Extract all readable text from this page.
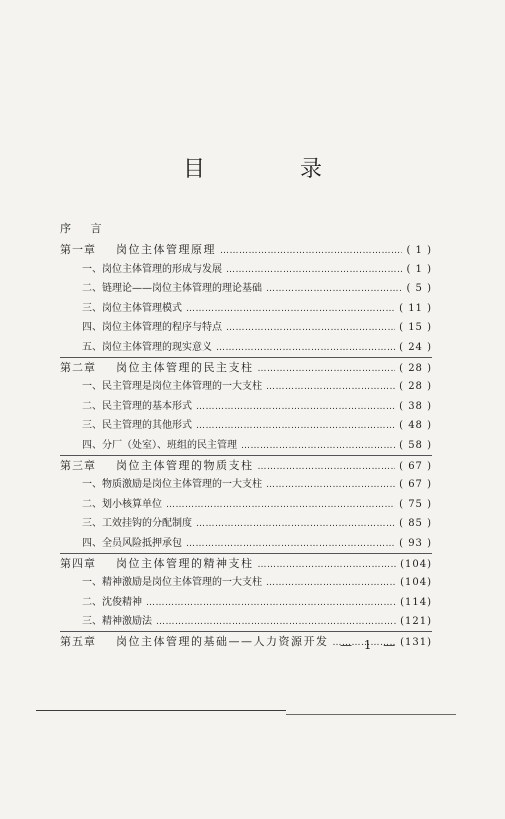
目 录
序 言
第一章	岗位主体管理原理 ……………………………………………………………………………………………………………………………………………	( 1 )
一、岗位主体管理的形成与发展 ……………………………………………………………………………………………………………………………………………	( 1 )
二、链理论——岗位主体管理的理论基础 ……………………………………………………………………………………………………………………………………………	( 5 )
三、岗位主体管理模式 ……………………………………………………………………………………………………………………………………………	( 11 )
四、岗位主体管理的程序与特点 ……………………………………………………………………………………………………………………………………………	( 15 )
五、岗位主体管理的现实意义 ……………………………………………………………………………………………………………………………………………	( 24 )
第二章	岗位主体管理的民主支柱 ……………………………………………………………………………………………………………………………………………	( 28 )
一、民主管理是岗位主体管理的一大支柱 ……………………………………………………………………………………………………………………………………………	( 28 )
二、民主管理的基本形式 ……………………………………………………………………………………………………………………………………………	( 38 )
三、民主管理的其他形式 ……………………………………………………………………………………………………………………………………………	( 48 )
四、分厂（处室）、班组的民主管理 ……………………………………………………………………………………………………………………………………………	( 58 )
第三章	岗位主体管理的物质支柱 ……………………………………………………………………………………………………………………………………………	( 67 )
一、物质激励是岗位主体管理的一大支柱 ……………………………………………………………………………………………………………………………………………	( 67 )
二、划小核算单位 ……………………………………………………………………………………………………………………………………………	( 75 )
三、工效挂钩的分配制度 ……………………………………………………………………………………………………………………………………………	( 85 )
四、全员风险抵押承包 ……………………………………………………………………………………………………………………………………………	( 93 )
第四章	岗位主体管理的精神支柱 ……………………………………………………………………………………………………………………………………………	(104)
一、精神激励是岗位主体管理的一大支柱 ……………………………………………………………………………………………………………………………………………	(104)
二、沈俊精神 ……………………………………………………………………………………………………………………………………………	(114)
三、精神激励法 ……………………………………………………………………………………………………………………………………………	(121)
第五章	岗位主体管理的基础——人力资源开发 ……………………………………………………………………………………………………………………………………………	(131)
— 1 —
